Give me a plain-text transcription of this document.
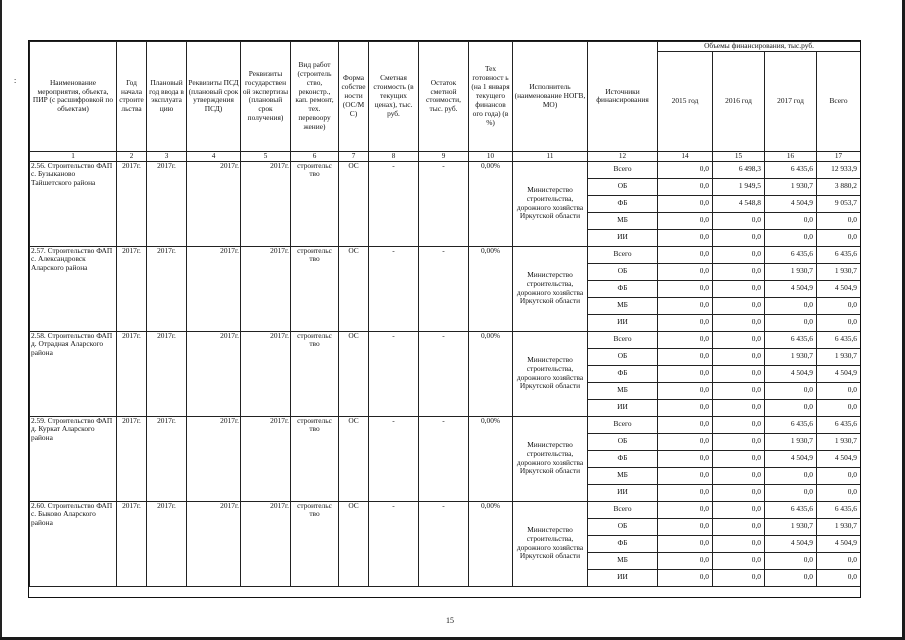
:	Наименование мероприятия, объекта, ПИР (с расшифровкой по объектам)	Год начала строите льства	Плановый год ввода в эксплуата цию	Реквизиты ПСД (плановый срок утверждения ПСД)	Реквизиты государствен ой экспертизы (плановый срок получения)	Вид работ (строитель ство, реконстр., кап. ремонт, тех. перевоору жение)	Форма собстве ности (ОС/М С)	Сметная стоимость (в текущих ценах), тыс. руб.	Остаток сметной стоимости, тыс. руб.	Тех готовност ь (на 1 января текущего финансов ого года) (в %)	Исполнитель (наименование НОГВ, МО)	Источники финансирования	Объемы финансирования, тыс.руб.			
												2015 год	2016 год	2017 год	Всего
1	2	3	4	5	6	7	8	9	10	11	12	14	15	16	17
2.56. Строительство ФАП с. Бузыканово Тайшетского района	2017г.	2017г.	2017г.	2017г.	строительс тво	ОС	-	-	0,00%	Министерство строительства, дорожного хозяйства Иркутской области	Всего	0,0	6 498,3	6 435,6	12 933,9
											ОБ	0,0	1 949,5	1 930,7	3 880,2
											ФБ	0,0	4 548,8	4 504,9	9 053,7
											МБ	0,0	0,0	0,0	0,0
											ИИ	0,0	0,0	0,0	0,0
2.57. Строительство ФАП с. Александровск Аларского района	2017г.	2017г.	2017г.	2017г.	строительс тво	ОС	-	-	0,00%	Министерство строительства, дорожного хозяйства Иркутской области	Всего	0,0	0,0	6 435,6	6 435,6
											ОБ	0,0	0,0	1 930,7	1 930,7
											ФБ	0,0	0,0	4 504,9	4 504,9
											МБ	0,0	0,0	0,0	0,0
											ИИ	0,0	0,0	0,0	0,0
2.58. Строительство ФАП д. Отрадная Аларского района	2017г.	2017г.	2017г.	2017г.	строительс тво	ОС	-	-	0,00%	Министерство строительства, дорожного хозяйства Иркутской области	Всего	0,0	0,0	6 435,6	6 435,6
											ОБ	0,0	0,0	1 930,7	1 930,7
											ФБ	0,0	0,0	4 504,9	4 504,9
											МБ	0,0	0,0	0,0	0,0
											ИИ	0,0	0,0	0,0	0,0
2.59. Строительство ФАП д. Куркат Аларского района	2017г.	2017г.	2017г.	2017г.	строительс тво	ОС	-	-	0,00%	Министерство строительства, дорожного хозяйства Иркутской области	Всего	0,0	0,0	6 435,6	6 435,6
											ОБ	0,0	0,0	1 930,7	1 930,7
											ФБ	0,0	0,0	4 504,9	4 504,9
											МБ	0,0	0,0	0,0	0,0
											ИИ	0,0	0,0	0,0	0,0
2.60. Строительство ФАП с. Быково Аларского района	2017г.	2017г.	2017г.	2017г.	строительс тво	ОС	-	-	0,00%	Министерство строительства, дорожного хозяйства Иркутской области	Всего	0,0	0,0	6 435,6	6 435,6
											ОБ	0,0	0,0	1 930,7	1 930,7
											ФБ	0,0	0,0	4 504,9	4 504,9
											МБ	0,0	0,0	0,0	0,0
											ИИ	0,0	0,0	0,0	0,0
15
